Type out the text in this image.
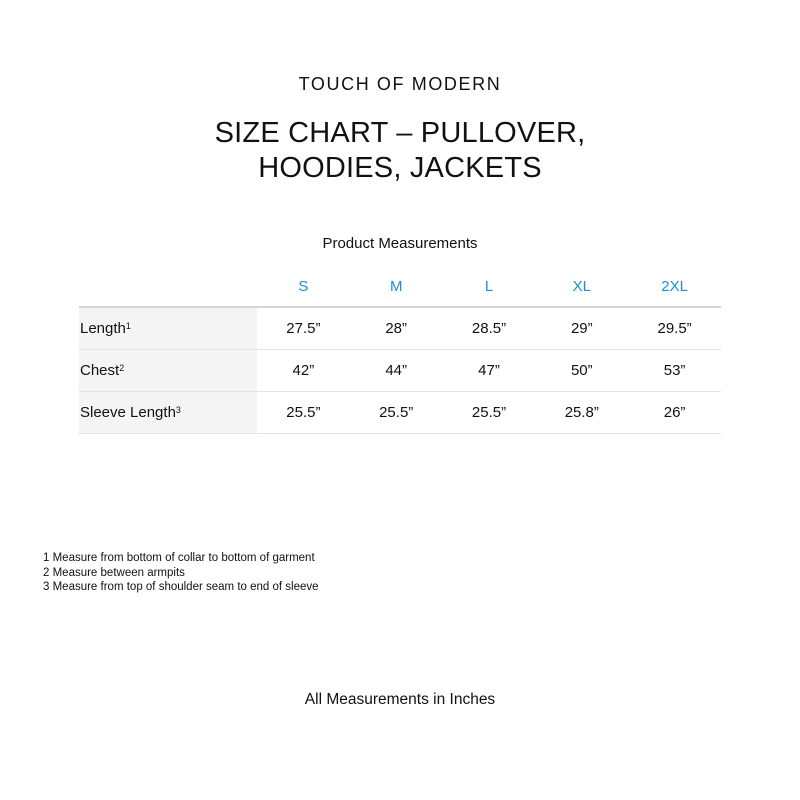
TOUCH OF MODERN
SIZE CHART – PULLOVER,
HOODIES, JACKETS
Product Measurements
	S	M	L	XL	2XL
Length$^1$	27.5”	28”	28.5”	29”	29.5”
Chest$^2$	42”	44”	47”	50”	53”
Sleeve Length$^3$	25.5”	25.5”	25.5”	25.8”	26”
1 Measure from bottom of collar to bottom of garment
2 Measure between armpits
3 Measure from top of shoulder seam to end of sleeve
All Measurements in Inches
